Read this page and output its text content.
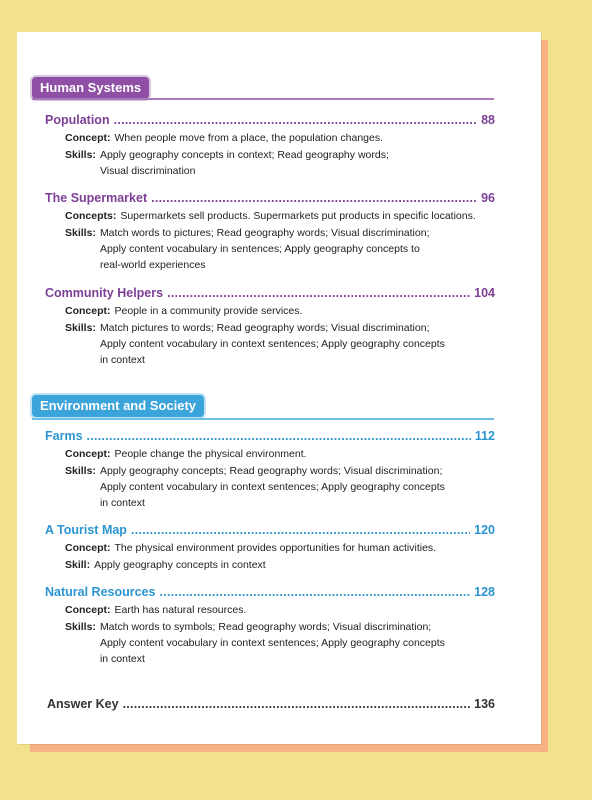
Human Systems
Population . . .	88
Concept: When people move from a place, the population changes.
Skills: Apply geography concepts in context; Read geography words;
Visual discrimination
The Supermarket . . .	96
Concepts: Supermarkets sell products. Supermarkets put products in specific locations.
Skills: Match words to pictures; Read geography words; Visual discrimination;
Apply content vocabulary in sentences; Apply geography concepts to
real-world experiences
Community Helpers . . .	104
Concept: People in a community provide services.
Skills: Match pictures to words; Read geography words; Visual discrimination;
Apply content vocabulary in context sentences; Apply geography concepts
in context
Environment and Society
Farms . . .	112
Concept: People change the physical environment.
Skills: Apply geography concepts; Read geography words; Visual discrimination;
Apply content vocabulary in context sentences; Apply geography concepts
in context
A Tourist Map . . .	120
Concept: The physical environment provides opportunities for human activities.
Skill: Apply geography concepts in context
Natural Resources . . .	128
Concept: Earth has natural resources.
Skills: Match words to symbols; Read geography words; Visual discrimination;
Apply content vocabulary in context sentences; Apply geography concepts
in context
Answer Key . . .	136
